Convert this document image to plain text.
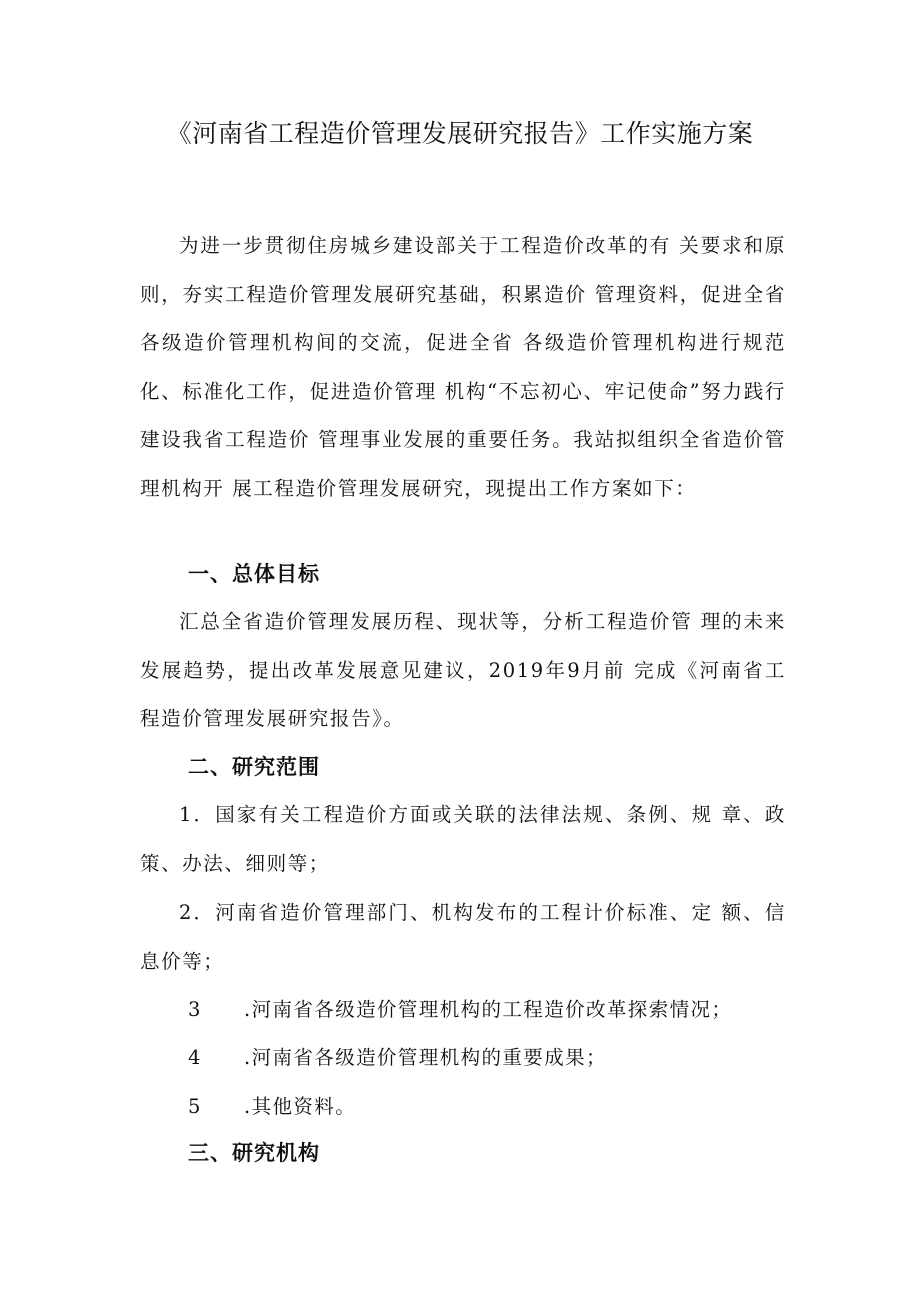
《河南省工程造价管理发展研究报告》工作实施方案

为进一步贯彻住房城乡建设部关于工程造价改革的有 关要求和原则，夯实工程造价管理发展研究基础，积累造价 管理资料，促进全省各级造价管理机构间的交流，促进全省 各级造价管理机构进行规范化、标准化工作，促进造价管理 机构“不忘初心、牢记使命”努力践行建设我省工程造价 管理事业发展的重要任务。我站拟组织全省造价管理机构开 展工程造价管理发展研究，现提出工作方案如下：

一、总体目标

汇总全省造价管理发展历程、现状等，分析工程造价管 理的未来发展趋势，提出改革发展意见建议，2019年9月前 完成《河南省工程造价管理发展研究报告》。

二、研究范围

1．国家有关工程造价方面或关联的法律法规、条例、规 章、政策、办法、细则等；

2．河南省造价管理部门、机构发布的工程计价标准、定 额、信息价等；

3 .河南省各级造价管理机构的工程造价改革探索情况；
4 .河南省各级造价管理机构的重要成果；
5 .其他资料。
三、研究机构
